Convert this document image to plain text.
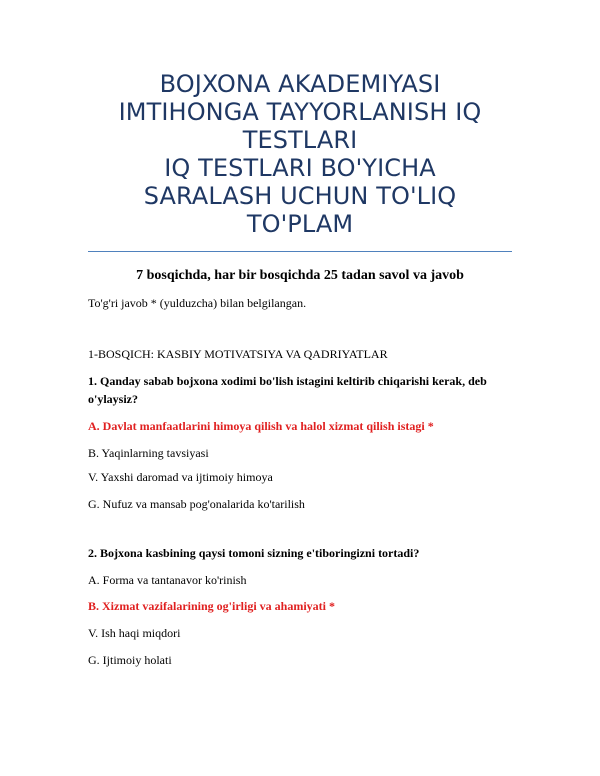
BOJXONA AKADEMIYASI
IMTIHONGA TAYYORLANISH IQ
TESTLARI
IQ TESTLARI BO'YICHA
SARALASH UCHUN TO'LIQ
TO'PLAM
7 bosqichda, har bir bosqichda 25 tadan savol va javob
To'g'ri javob * (yulduzcha) bilan belgilangan.
1-BOSQICH: KASBIY MOTIVATSIYA VA QADRIYATLAR
1. Qanday sabab bojxona xodimi bo'lish istagini keltirib chiqarishi kerak, deb
o'ylaysiz?
A. Davlat manfaatlarini himoya qilish va halol xizmat qilish istagi *
B. Yaqinlarning tavsiyasi
V. Yaxshi daromad va ijtimoiy himoya
G. Nufuz va mansab pog'onalarida ko'tarilish
2. Bojxona kasbining qaysi tomoni sizning e'tiboringizni tortadi?
A. Forma va tantanavor ko'rinish
B. Xizmat vazifalarining og'irligi va ahamiyati *
V. Ish haqi miqdori
G. Ijtimoiy holati
